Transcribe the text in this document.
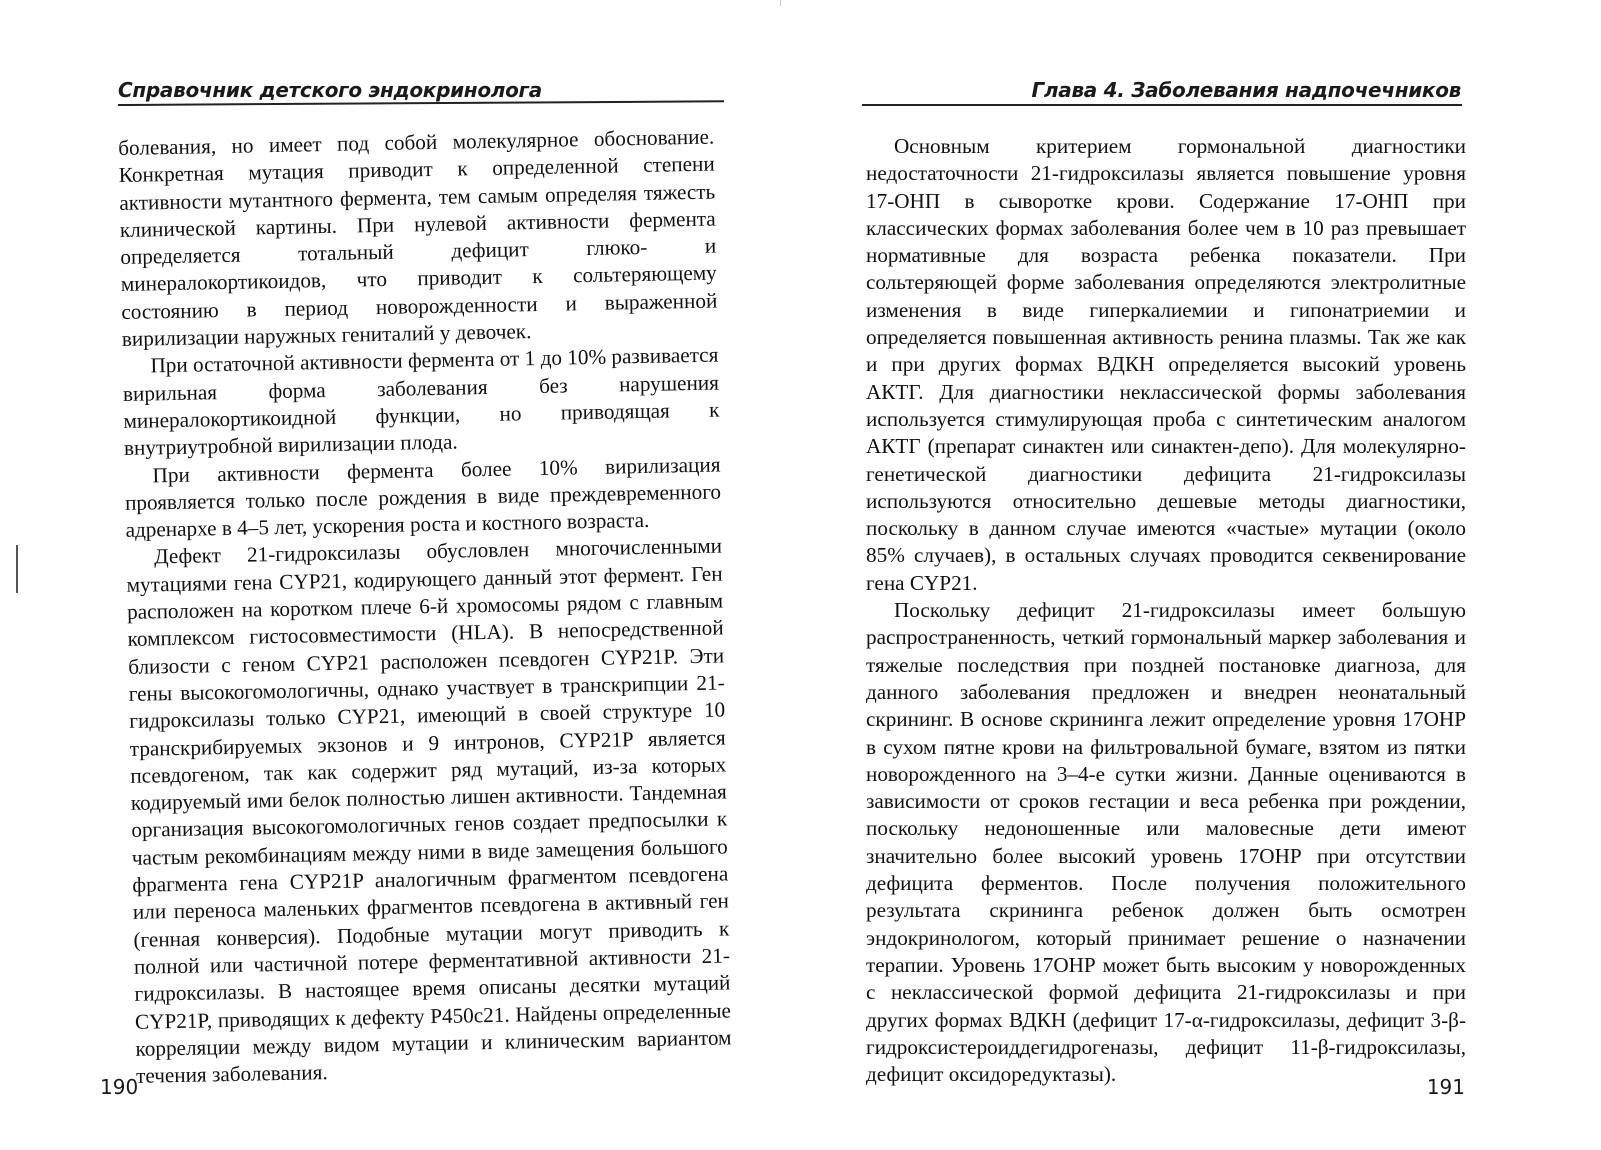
Справочник детского эндокринолога

болевания, но имеет под собой молекулярное обоснование. Конкретная мутация приводит к определенной степени активности мутантного фермента, тем самым определяя тяжесть клинической картины. При нулевой активности фермента определяется тотальный дефицит глюко- и минералокортикоидов, что приводит к сольтеряющему состоянию в период новорожденности и выраженной вирилизации наружных гениталий у девочек.

При остаточной активности фермента от 1 до 10% развивается вирильная форма заболевания без нарушения минералокортикоидной функции, но приводящая к внутриутробной вирилизации плода.

При активности фермента более 10% вирилизация проявляется только после рождения в виде преждевременного адренархе в 4–5 лет, ускорения роста и костного возраста.

Дефект 21-гидроксилазы обусловлен многочисленными мутациями гена CYP21, кодирующего данный этот фермент. Ген расположен на коротком плече 6-й хромосомы рядом с главным комплексом гистосовместимости (HLA). В непосредственной близости с геном CYP21 расположен псевдоген CYP21P. Эти гены высокогомологичны, однако участвует в транскрипции 21-гидроксилазы только CYP21, имеющий в своей структуре 10 транскрибируемых экзонов и 9 интронов, CYP21P является псевдогеном, так как содержит ряд мутаций, из-за которых кодируемый ими белок полностью лишен активности. Тандемная организация высокогомологичных генов создает предпосылки к частым рекомбинациям между ними в виде замещения большого фрагмента гена CYP21P аналогичным фрагментом псевдогена или переноса маленьких фрагментов псевдогена в активный ген (генная конверсия). Подобные мутации могут приводить к полной или частичной потере ферментативной активности 21-гидроксилазы. В настоящее время описаны десятки мутаций CYP21P, приводящих к дефекту P450c21. Найдены определенные корреляции между видом мутации и клиническим вариантом течения заболевания.

190
Глава 4. Заболевания надпочечников

Основным критерием гормональной диагностики недостаточности 21-гидроксилазы является повышение уровня 17-ОНП в сыворотке крови. Содержание 17-ОНП при классических формах заболевания более чем в 10 раз превышает нормативные для возраста ребенка показатели. При сольтеряющей форме заболевания определяются электролитные изменения в виде гиперкалиемии и гипонатриемии и определяется повышенная активность ренина плазмы. Так же как и при других формах ВДКН определяется высокий уровень АКТГ. Для диагностики неклассической формы заболевания используется стимулирующая проба с синтетическим аналогом АКТГ (препарат синактен или синактен-депо). Для молекулярно-генетической диагностики дефицита 21-гидроксилазы используются относительно дешевые методы диагностики, поскольку в данном случае имеются «частые» мутации (около 85% случаев), в остальных случаях проводится секвенирование гена CYP21.

Поскольку дефицит 21-гидроксилазы имеет большую распространенность, четкий гормональный маркер заболевания и тяжелые последствия при поздней постановке диагноза, для данного заболевания предложен и внедрен неонатальный скрининг. В основе скрининга лежит определение уровня 17ОНР в сухом пятне крови на фильтровальной бумаге, взятом из пятки новорожденного на 3–4-е сутки жизни. Данные оцениваются в зависимости от сроков гестации и веса ребенка при рождении, поскольку недоношенные или маловесные дети имеют значительно более высокий уровень 17ОНР при отсутствии дефицита ферментов. После получения положительного результата скрининга ребенок должен быть осмотрен эндокринологом, который принимает решение о назначении терапии. Уровень 17ОНР может быть высоким у новорожденных с неклассической формой дефицита 21-гидроксилазы и при других формах ВДКН (дефицит 17-α-гидроксилазы, дефицит 3-β-гидроксистероиддегидрогеназы, дефицит 11-β-гидроксилазы, дефицит оксидоредуктазы).

191
